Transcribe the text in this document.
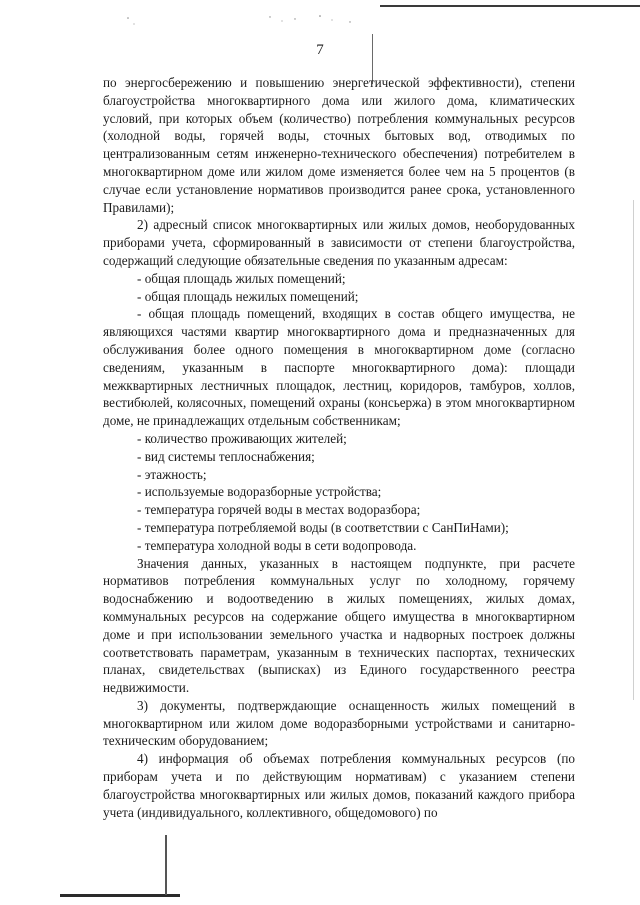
7

по энергосбережению и повышению энергетической эффективности), степени благоустройства многоквартирного дома или жилого дома, климатических условий, при которых объем (количество) потребления коммунальных ресурсов (холодной воды, горячей воды, сточных бытовых вод, отводимых по централизованным сетям инженерно-технического обеспечения) потребителем в многоквартирном доме или жилом доме изменяется более чем на 5 процентов (в случае если установление нормативов производится ранее срока, установленного Правилами);

2) адресный список многоквартирных или жилых домов, необорудованных приборами учета, сформированный в зависимости от степени благоустройства, содержащий следующие обязательные сведения по указанным адресам:

- общая площадь жилых помещений;

- общая площадь нежилых помещений;

- общая площадь помещений, входящих в состав общего имущества, не являющихся частями квартир многоквартирного дома и предназначенных для обслуживания более одного помещения в многоквартирном доме (согласно сведениям, указанным в паспорте многоквартирного дома): площади межквартирных лестничных площадок, лестниц, коридоров, тамбуров, холлов, вестибюлей, колясочных, помещений охраны (консьержа) в этом многоквартирном доме, не принадлежащих отдельным собственникам;

- количество проживающих жителей;

- вид системы теплоснабжения;

- этажность;

- используемые водоразборные устройства;

- температура горячей воды в местах водоразбора;

- температура потребляемой воды (в соответствии с СанПиНами);

- температура холодной воды в сети водопровода.

Значения данных, указанных в настоящем подпункте, при расчете нормативов потребления коммунальных услуг по холодному, горячему водоснабжению и водоотведению в жилых помещениях, жилых домах, коммунальных ресурсов на содержание общего имущества в многоквартирном доме и при использовании земельного участка и надворных построек должны соответствовать параметрам, указанным в технических паспортах, технических планах, свидетельствах (выписках) из Единого государственного реестра недвижимости.

3) документы, подтверждающие оснащенность жилых помещений в многоквартирном или жилом доме водоразборными устройствами и санитарно-техническим оборудованием;

4) информация об объемах потребления коммунальных ресурсов (по приборам учета и по действующим нормативам) с указанием степени благоустройства многоквартирных или жилых домов, показаний каждого прибора учета (индивидуального, коллективного, общедомового) по
